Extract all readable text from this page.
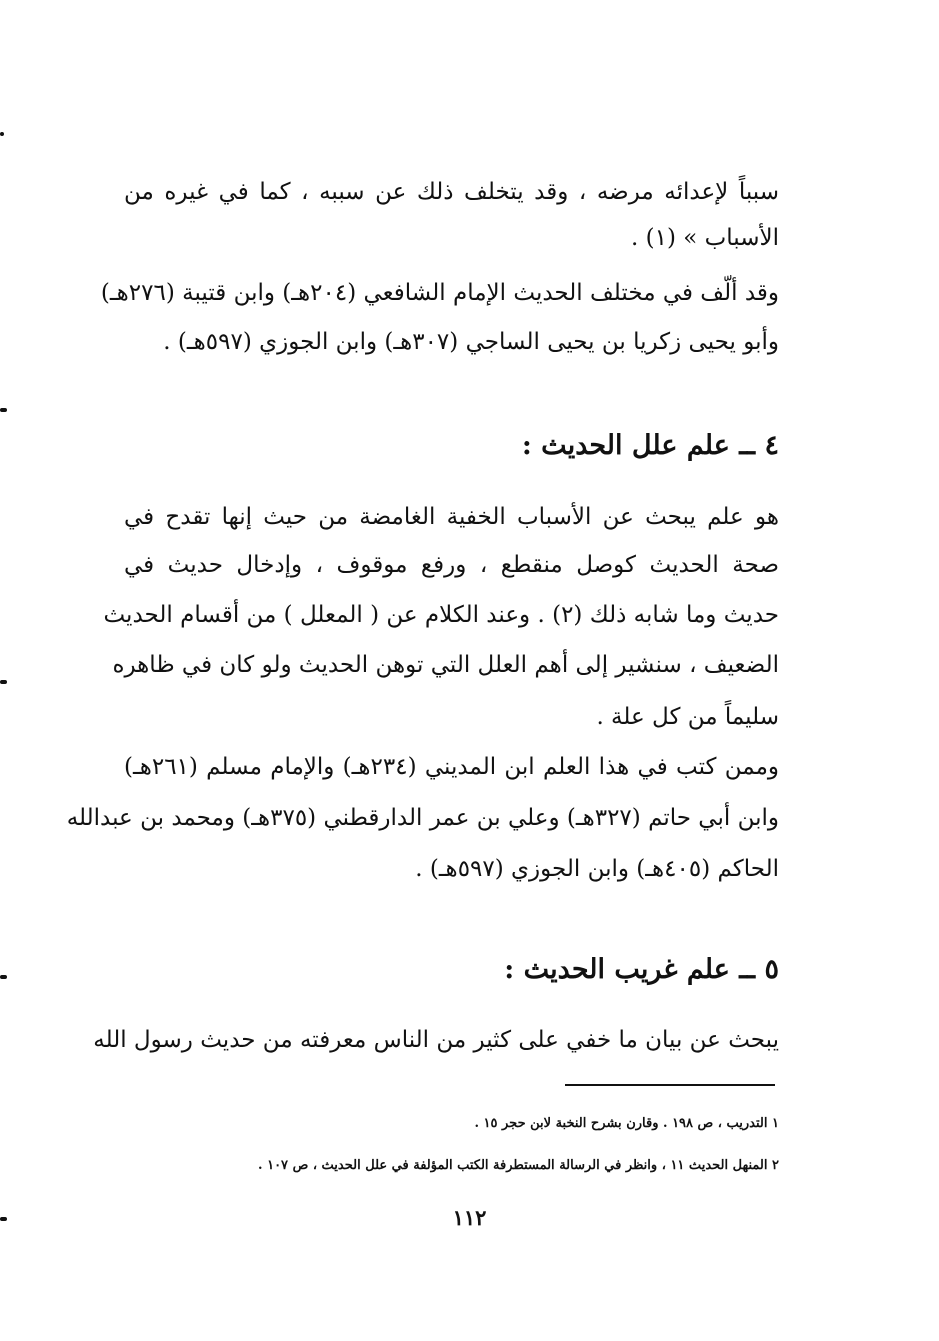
سبباً لإعدائه مرضه ، وقد يتخلف ذلك عن سببه ، كما في غيره من
الأسباب » (١) .
وقد ألّف في مختلف الحديث الإمام الشافعي (٢٠٤هـ) وابن قتيبة (٢٧٦هـ)
وأبو يحيى زكريا بن يحيى الساجي (٣٠٧هـ) وابن الجوزي (٥٩٧هـ) .
٤ ــ علم علل الحديث :
هو علم يبحث عن الأسباب الخفية الغامضة من حيث إنها تقدح في
صحة الحديث كوصل منقطع ، ورفع موقوف ، وإدخال حديث في
حديث وما شابه ذلك (٢) . وعند الكلام عن ( المعلل ) من أقسام الحديث
الضعيف ، سنشير إلى أهم العلل التي توهن الحديث ولو كان في ظاهره
سليماً من كل علة .
وممن كتب في هذا العلم ابن المديني (٢٣٤هـ) والإمام مسلم (٢٦١هـ)
وابن أبي حاتم (٣٢٧هـ) وعلي بن عمر الدارقطني (٣٧٥هـ) ومحمد بن عبدالله
الحاكم (٤٠٥هـ) وابن الجوزي (٥٩٧هـ) .
٥ ــ علم غريب الحديث :
يبحث عن بيان ما خفي على كثير من الناس معرفته من حديث رسول الله
١ التدريب ، ص ١٩٨ . وقارن بشرح النخبة لابن حجر ١٥ .
٢ المنهل الحديث ١١ ، وانظر في الرسالة المستطرفة الكتب المؤلفة في علل الحديث ، ص ١٠٧ .
١١٢
